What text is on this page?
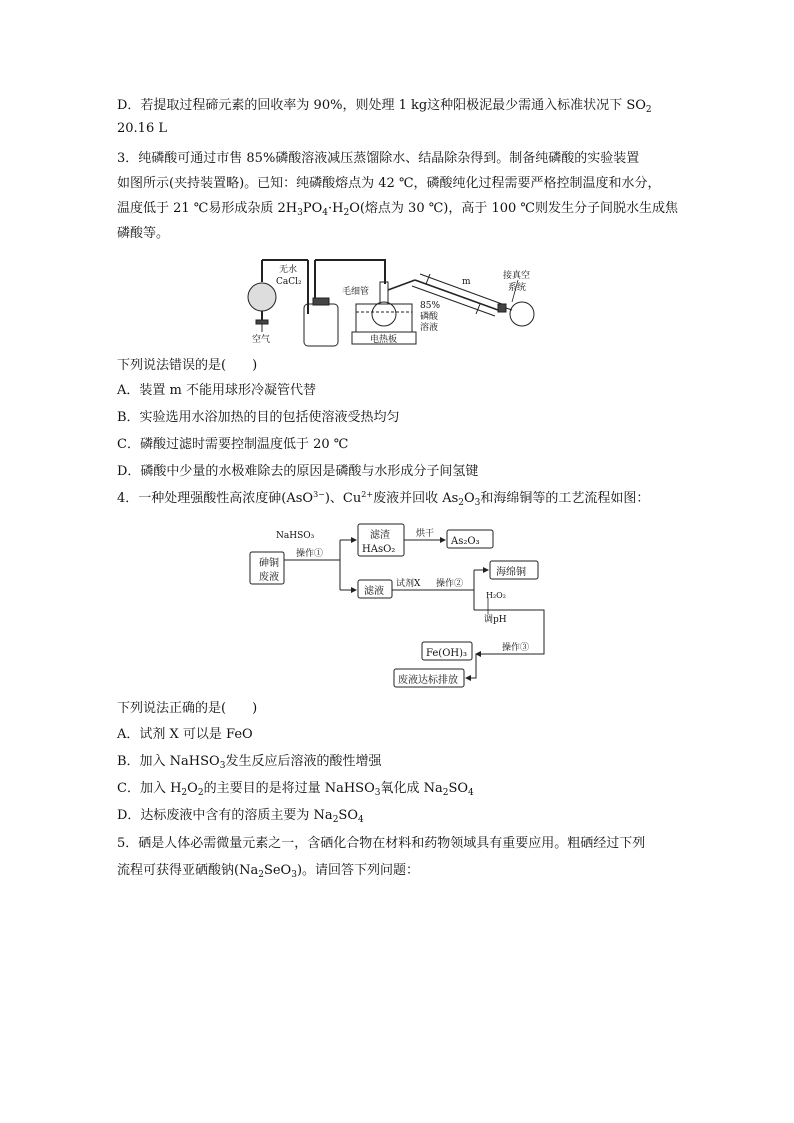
D．若提取过程碲元素的回收率为 90%，则处理 1 kg这种阳极泥最少需通入标准状况下 $SO_2$
20.16 L
3．纯磷酸可通过市售 85%磷酸溶液减压蒸馏除水、结晶除杂得到。制备纯磷酸的实验装置
如图所示(夹持装置略)。已知：纯磷酸熔点为 42 ℃，磷酸纯化过程需要严格控制温度和水分，
温度低于 21 ℃易形成杂质 $2H_3PO_4\cdot H_2O$(熔点为 30 ℃)，高于 100 ℃则发生分子间脱水生成焦
磷酸等。
无水
CaCl₂
空气
毛细管
85%
磷酸
溶液
电热板
m
接真空
系统
下列说法错误的是(　　)
A．装置 m 不能用球形冷凝管代替
B．实验选用水浴加热的目的包括使溶液受热均匀
C．磷酸过滤时需要控制温度低于 20 ℃
D．磷酸中少量的水极难除去的原因是磷酸与水形成分子间氢键
4．一种处理强酸性高浓度砷(AsO$^{3-}$)、$Cu^{2+}$废液并回收 $As_2O_3$和海绵铜等的工艺流程如图：
砷铜
废液
NaHSO₃
操作①
滤渣
HAsO₂
烘干
As₂O₃
滤液
试剂X 操作②
海绵铜
H₂O₂
调pH
操作③
Fe(OH)₃
废液达标排放
下列说法正确的是(　　)
A．试剂 X 可以是 FeO
B．加入 NaHSO$_3$发生反应后溶液的酸性增强
C．加入 $H_2O_2$的主要目的是将过量 NaHSO$_3$氧化成 $Na_2SO_4$
D．达标废液中含有的溶质主要为 $Na_2SO_4$
5．硒是人体必需微量元素之一，含硒化合物在材料和药物领域具有重要应用。粗硒经过下列
流程可获得亚硒酸钠$(Na_2SeO_3)$。请回答下列问题：
